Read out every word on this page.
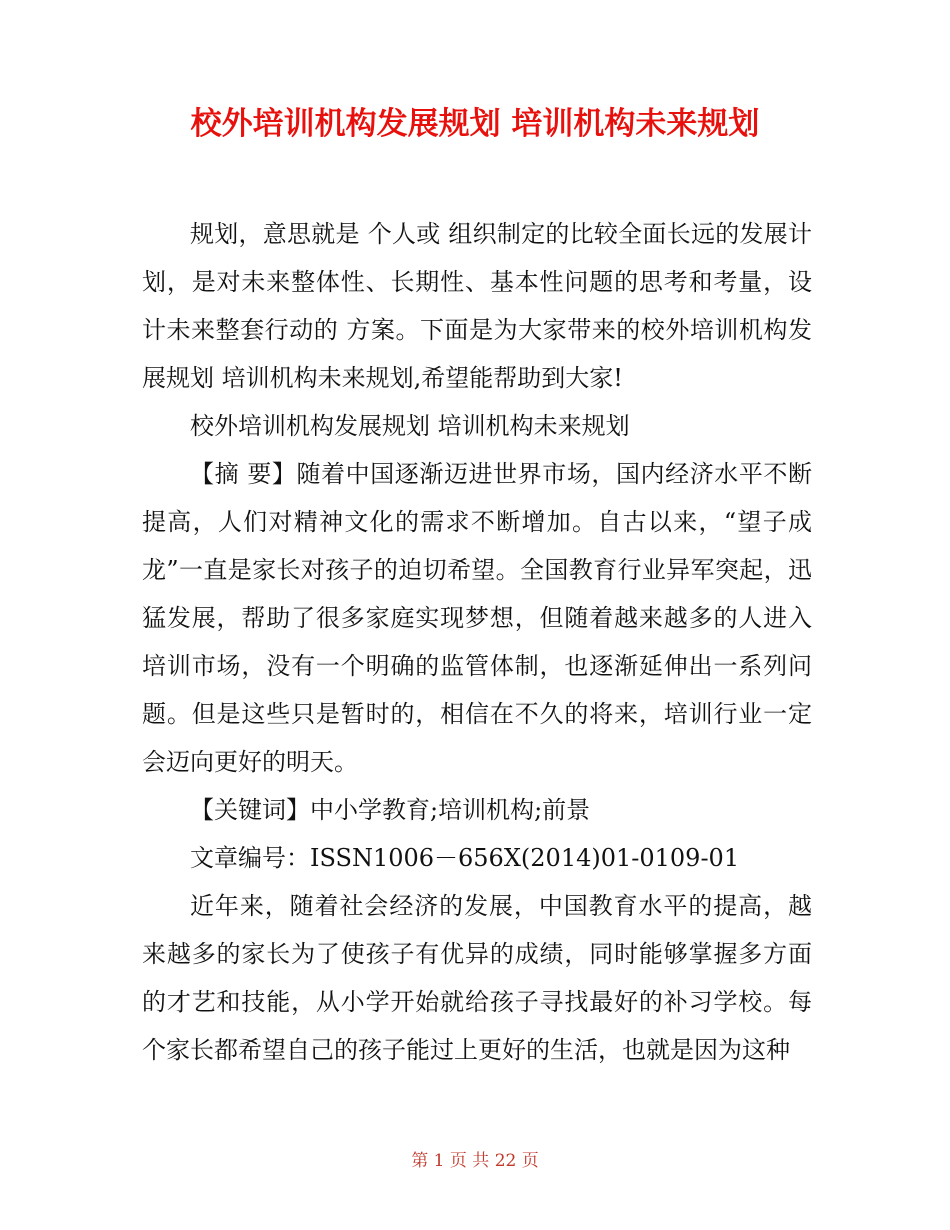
校外培训机构发展规划 培训机构未来规划

规划，意思就是 个人或 组织制定的比较全面长远的发展计划，是对未来整体性、长期性、基本性问题的思考和考量，设计未来整套行动的 方案。下面是为大家带来的校外培训机构发展规划 培训机构未来规划,希望能帮助到大家!

校外培训机构发展规划 培训机构未来规划

【摘 要】随着中国逐渐迈进世界市场，国内经济水平不断提高，人们对精神文化的需求不断增加。自古以来，“望子成龙”一直是家长对孩子的迫切希望。全国教育行业异军突起，迅猛发展，帮助了很多家庭实现梦想，但随着越来越多的人进入培训市场，没有一个明确的监管体制，也逐渐延伸出一系列问题。但是这些只是暂时的，相信在不久的将来，培训行业一定会迈向更好的明天。

【关键词】中小学教育;培训机构;前景

文章编号：ISSN1006－656X(2014)01-0109-01

近年来，随着社会经济的发展，中国教育水平的提高，越来越多的家长为了使孩子有优异的成绩，同时能够掌握多方面的才艺和技能，从小学开始就给孩子寻找最好的补习学校。每个家长都希望自己的孩子能过上更好的生活，也就是因为这种

第 1 页 共 22 页
